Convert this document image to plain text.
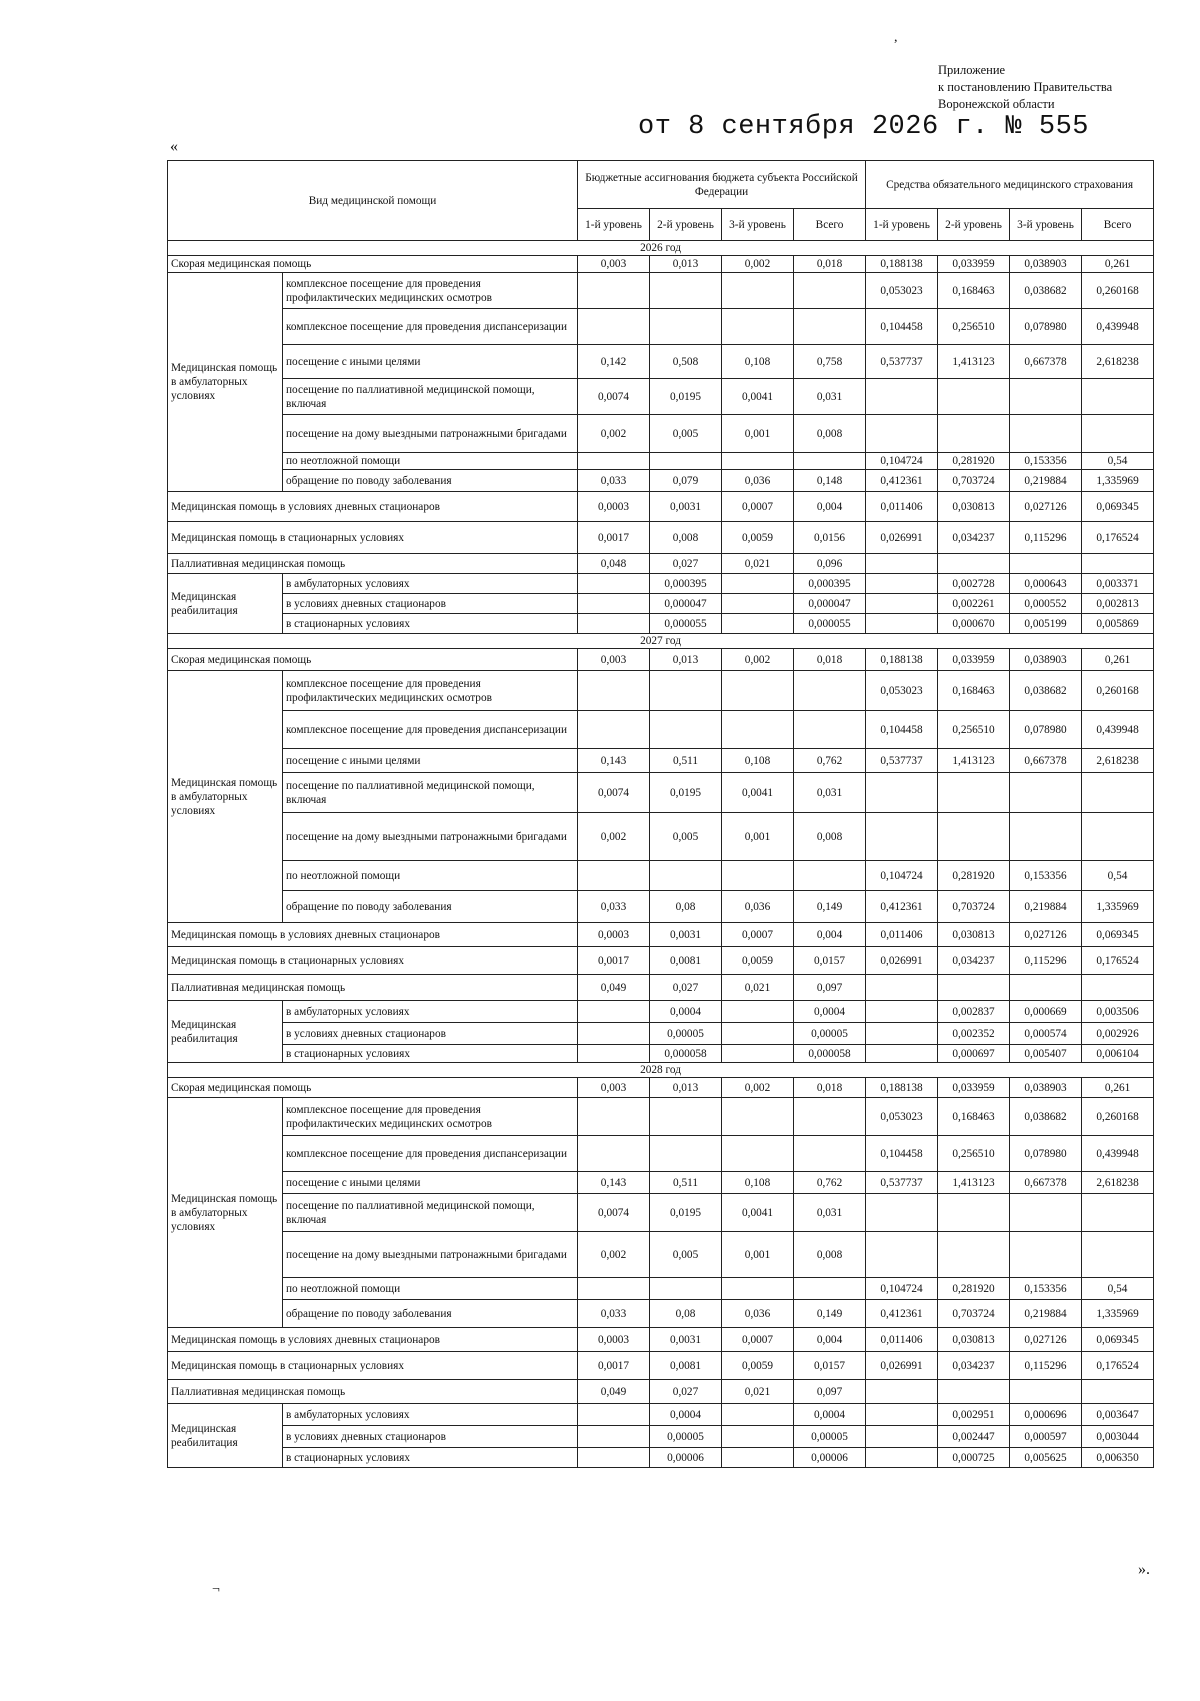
,
Приложение
к постановлению Правительства
Воронежской области
от 8 сентября 2026 г. № 555
«
Вид медицинской помощи		Бюджетные ассигнования бюджета субъекта Российской Федерации				Средства обязательного медицинского страхования			
		1-й уровень	2-й уровень	3-й уровень	Всего	1-й уровень	2-й уровень	3-й уровень	Всего
2026 год									
Скорая медицинская помощь		0,003	0,013	0,002	0,018	0,188138	0,033959	0,038903	0,261
Медицинская помощь в амбулаторных условиях	комплексное посещение для проведения профилактических медицинских осмотров					0,053023	0,168463	0,038682	0,260168
	комплексное посещение для проведения диспансеризации					0,104458	0,256510	0,078980	0,439948
	посещение с иными целями	0,142	0,508	0,108	0,758	0,537737	1,413123	0,667378	2,618238
	посещение по паллиативной медицинской помощи, включая	0,0074	0,0195	0,0041	0,031				
	посещение на дому выездными патронажными бригадами	0,002	0,005	0,001	0,008				
	по неотложной помощи					0,104724	0,281920	0,153356	0,54
	обращение по поводу заболевания	0,033	0,079	0,036	0,148	0,412361	0,703724	0,219884	1,335969
Медицинская помощь в условиях дневных стационаров		0,0003	0,0031	0,0007	0,004	0,011406	0,030813	0,027126	0,069345
Медицинская помощь в стационарных условиях		0,0017	0,008	0,0059	0,0156	0,026991	0,034237	0,115296	0,176524
Паллиативная медицинская помощь		0,048	0,027	0,021	0,096				
Медицинская реабилитация	в амбулаторных условиях		0,000395		0,000395		0,002728	0,000643	0,003371
	в условиях дневных стационаров		0,000047		0,000047		0,002261	0,000552	0,002813
	в стационарных условиях		0,000055		0,000055		0,000670	0,005199	0,005869
2027 год									
Скорая медицинская помощь		0,003	0,013	0,002	0,018	0,188138	0,033959	0,038903	0,261
Медицинская помощь в амбулаторных условиях	комплексное посещение для проведения профилактических медицинских осмотров					0,053023	0,168463	0,038682	0,260168
	комплексное посещение для проведения диспансеризации					0,104458	0,256510	0,078980	0,439948
	посещение с иными целями	0,143	0,511	0,108	0,762	0,537737	1,413123	0,667378	2,618238
	посещение по паллиативной медицинской помощи, включая	0,0074	0,0195	0,0041	0,031				
	посещение на дому выездными патронажными бригадами	0,002	0,005	0,001	0,008				
	по неотложной помощи					0,104724	0,281920	0,153356	0,54
	обращение по поводу заболевания	0,033	0,08	0,036	0,149	0,412361	0,703724	0,219884	1,335969
Медицинская помощь в условиях дневных стационаров		0,0003	0,0031	0,0007	0,004	0,011406	0,030813	0,027126	0,069345
Медицинская помощь в стационарных условиях		0,0017	0,0081	0,0059	0,0157	0,026991	0,034237	0,115296	0,176524
Паллиативная медицинская помощь		0,049	0,027	0,021	0,097				
Медицинская реабилитация	в амбулаторных условиях		0,0004		0,0004		0,002837	0,000669	0,003506
	в условиях дневных стационаров		0,00005		0,00005		0,002352	0,000574	0,002926
	в стационарных условиях		0,000058		0,000058		0,000697	0,005407	0,006104
2028 год									
Скорая медицинская помощь		0,003	0,013	0,002	0,018	0,188138	0,033959	0,038903	0,261
Медицинская помощь в амбулаторных условиях	комплексное посещение для проведения профилактических медицинских осмотров					0,053023	0,168463	0,038682	0,260168
	комплексное посещение для проведения диспансеризации					0,104458	0,256510	0,078980	0,439948
	посещение с иными целями	0,143	0,511	0,108	0,762	0,537737	1,413123	0,667378	2,618238
	посещение по паллиативной медицинской помощи, включая	0,0074	0,0195	0,0041	0,031				
	посещение на дому выездными патронажными бригадами	0,002	0,005	0,001	0,008				
	по неотложной помощи					0,104724	0,281920	0,153356	0,54
	обращение по поводу заболевания	0,033	0,08	0,036	0,149	0,412361	0,703724	0,219884	1,335969
Медицинская помощь в условиях дневных стационаров		0,0003	0,0031	0,0007	0,004	0,011406	0,030813	0,027126	0,069345
Медицинская помощь в стационарных условиях		0,0017	0,0081	0,0059	0,0157	0,026991	0,034237	0,115296	0,176524
Паллиативная медицинская помощь		0,049	0,027	0,021	0,097				
Медицинская реабилитация	в амбулаторных условиях		0,0004		0,0004		0,002951	0,000696	0,003647
	в условиях дневных стационаров		0,00005		0,00005		0,002447	0,000597	0,003044
	в стационарных условиях		0,00006		0,00006		0,000725	0,005625	0,006350
».
¬
